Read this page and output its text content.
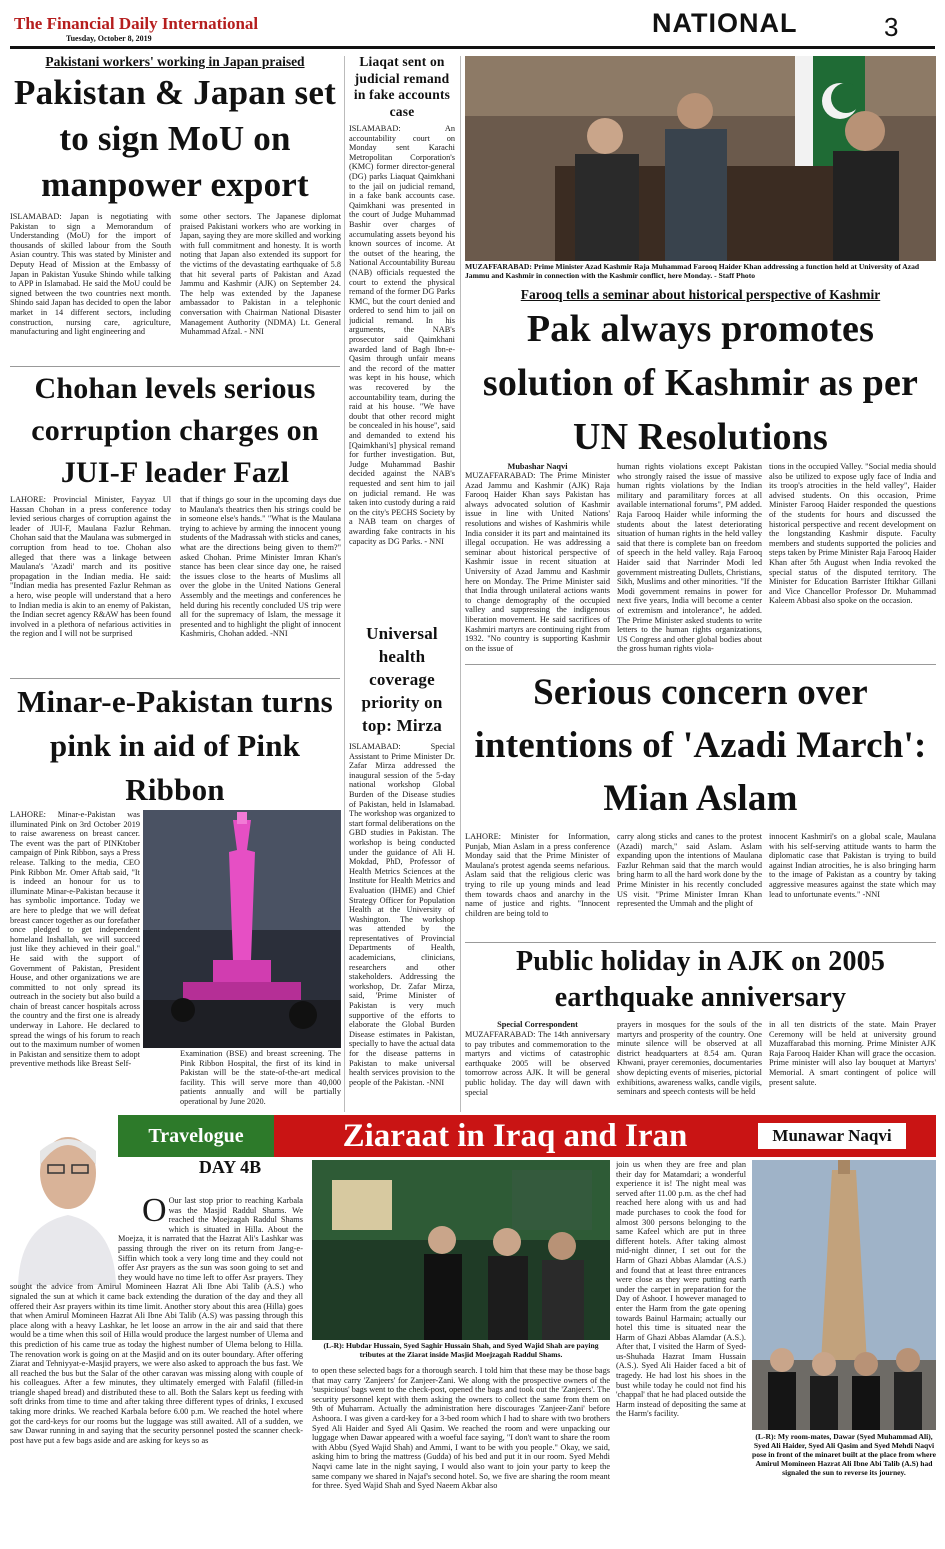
The Financial Daily International
Tuesday, October 8, 2019
NATIONAL	3
Pakistani workers' working in Japan praised
Pakistan & Japan set to sign MoU on manpower export
ISLAMABAD: Japan is negotiating with Pakistan to sign a Memorandum of Understanding (MoU) for the import of thousands of skilled labour from the South Asian country. This was stated by Minister and Deputy Head of Mission at the Embassy of Japan in Pakistan Yusuke Shindo while talking to APP in Islamabad. He said the MoU could be signed between the two countries next month. Shindo said Japan has decided to open the labor market in 14 different sectors, including construction, nursing care, agriculture, manufacturing and light engineering and
some other sectors. The Japanese diplomat praised Pakistani workers who are working in Japan, saying they are more skilled and working with full commitment and honesty. It is worth noting that Japan also extended its support for the victims of the devastating earthquake of 5.8 that hit several parts of Pakistan and Azad Jammu and Kashmir (AJK) on September 24. The help was extended by the Japanese ambassador to Pakistan in a telephonic conversation with Chairman National Disaster Management Authority (NDMA) Lt. General Muhammad Afzal. - NNI
Liaqat sent on judicial remand in fake accounts case
ISLAMABAD: An accountability court on Monday sent Karachi Metropolitan Corporation's (KMC) former director-general (DG) parks Liaquat Qaimkhani to the jail on judicial remand, in a fake bank accounts case. Qaimkhani was presented in the court of Judge Muhammad Bashir over charges of accumulating assets beyond his known sources of income. At the outset of the hearing, the National Accountability Bureau (NAB) officials requested the court to extend the physical remand of the former DG Parks KMC, but the court denied and ordered to send him to jail on judicial remand. In his arguments, the NAB's prosecutor said Qaimkhani awarded land of Bagh Ibn-e-Qasim through unfair means and the record of the matter was kept in his house, which was recovered by the accountability team, during the raid at his house. "We have doubt that other record might be concealed in his house", said and demanded to extend his [Qaimkhani's] physical remand for further investigation. But, Judge Muhammad Bashir decided against the NAB's requested and sent him to jail on judicial remand. He was taken into custody during a raid on the city's PECHS Society by a NAB team on charges of awarding fake contracts in his capacity as DG Parks. - NNI
MUZAFFARABAD: Prime Minister Azad Kashmir Raja Muhammad Farooq Haider Khan addressing a function held at University of Azad Jammu and Kashmir in connection with the Kashmir conflict, here Monday. - Staff Photo
Farooq tells a seminar about historical perspective of Kashmir
Pak always promotes solution of Kashmir as per UN Resolutions
Mubashar Naqvi
MUZAFFARABAD: The Prime Minister Azad Jammu and Kashmir (AJK) Raja Farooq Haider Khan says Pakistan has always advocated solution of Kashmir issue in line with United Nations' resolutions and wishes of Kashmiris while India consider it its part and maintained its illegal occupation. He was addressing a seminar about historical perspective of Kashmir issue in recent situation at University of Azad Jammu and Kashmir here on Monday. The Prime Minister said that India through unilateral actions wants to change demography of the occupied valley and suppressing the indigenous liberation movement. He said sacrifices of Kashmiri martyrs are continuing right from 1932. "No country is supporting Kashmir on the issue of
human rights violations except Pakistan who strongly raised the issue of massive human rights violations by the Indian military and paramilitary forces at all available international forums", PM added. Raja Farooq Haider while informing the students about the latest deteriorating situation of human rights in the held valley said that there is complete ban on freedom of speech in the held valley. Raja Farooq Haider said that Narrinder Modi led government mistreating Dullets, Christians, Sikh, Muslims and other minorities. "If the Modi government remains in power for next five years, India will become a center of extremism and intolerance", he added. The Prime Minister asked students to write letters to the human rights organizations, US Congress and other global bodies about the gross human rights viola-
tions in the occupied Valley. "Social media should also be utilized to expose ugly face of India and its troop's atrocities in the held valley", Haider advised students. On this occasion, Prime Minister Farooq Haider responded the questions of the students for hours and discussed the historical perspective and recent development on the longstanding Kashmir dispute. Faculty members and students supported the policies and steps taken by Prime Minister Raja Farooq Haider Khan after 5th August when India revoked the special status of the disputed territory. The Minister for Education Barrister Iftikhar Gillani and Vice Chancellor Professor Dr. Muhammad Kaleem Abbasi also spoke on the occasion.
Chohan levels serious corruption charges on JUI-F leader Fazl
LAHORE: Provincial Minister, Fayyaz Ul Hassan Chohan in a press conference today levied serious charges of corruption against the leader of JUI-F, Maulana Fazlur Rehman. Chohan said that the Maulana was submerged in corruption from head to toe. Chohan also alleged that there was a linkage between Maulana's 'Azadi' march and its positive propagation in the Indian media. He said: "Indian media has presented Fazlur Rehman as a hero, wise people will understand that a hero to Indian media is akin to an enemy of Pakistan, the Indian secret agency R&AW has been found involved in a plethora of nefarious activities in the region and I will not be surprised
that if things go sour in the upcoming days due to Maulana's theatrics then his strings could be in someone else's hands." "What is the Maulana trying to achieve by arming the innocent young students of the Madrassah with sticks and canes, what are the directions being given to them?" asked Chohan. Prime Minister Imran Khan's stance has been clear since day one, he raised the issues close to the hearts of Muslims all over the globe in the United Nations General Assembly and the meetings and conferences he held during his recently concluded US trip were all for the supremacy of Islam, the message it presented and to highlight the plight of innocent Kashmiris, Chohan added. -NNI	Universal health coverage priority on top: Mirza
ISLAMABAD: Special Assistant to Prime Minister Dr. Zafar Mirza addressed the inaugural session of the 5-day national workshop Global Burden of the Disease studies of Pakistan, held in Islamabad. The workshop was organized to start formal deliberations on the GBD studies in Pakistan. The workshop is being conducted under the guidance of Ali H. Mokdad, PhD, Professor of Health Metrics Sciences at the Institute for Health Metrics and Evaluation (IHME) and Chief Strategy Officer for Population Health at the University of Washington. The workshop was attended by the representatives of Provincial Departments of Health, academicians, clinicians, researchers and other stakeholders. Addressing the workshop, Dr. Zafar Mirza, said, 'Prime Minister of Pakistan is very much supportive of the efforts to elaborate the Global Burden Disease estimates in Pakistan, specially to have the actual data for the disease patterns in Pakistan to make universal health services provision to the people of the Pakistan. -NNI
Minar-e-Pakistan turns pink in aid of Pink Ribbon
LAHORE: Minar-e-Pakistan was illuminated Pink on 3rd October 2019 to raise awareness on breast cancer. The event was the part of PINKtober campaign of Pink Ribbon, says a Press release. Talking to the media, CEO Pink Ribbon Mr. Omer Aftab said, "It is indeed an honour for us to illuminate Minar-e-Pakistan because it has symbolic importance. Today we are here to pledge that we will defeat breast cancer together as our forefather once pledged to get independent homeland Inshallah, we will succeed just like they achieved in their goal." He said with the support of Government of Pakistan, President House, and other organizations we are committed to not only spread its outreach in the society but also build a chain of breast cancer hospitals across the country and the first one is already underway in Lahore. He declared to spread the wings of his forum to reach out to the maximum number of women in Pakistan and sensitize them to adopt preventive methods like Breast Self-
Examination (BSE) and breast screening. The Pink Ribbon Hospital, the first of its kind in Pakistan will be the state-of-the-art medical facility. This will serve more than 40,000 patients annually and will be partially operational by June 2020.
Serious concern over intentions of 'Azadi March': Mian Aslam
LAHORE: Minister for Information, Punjab, Mian Aslam in a press conference Monday said that the Prime Minister of Maulana's protest agenda seems nefarious. Aslam said that the religious cleric was trying to rile up young minds and lead them towards chaos and anarchy in the name of justice and rights. "Innocent children are being told to
carry along sticks and canes to the protest (Azadi) march," said Aslam. Aslam expanding upon the intentions of Maulana Fazlur Rehman said that the march would bring harm to all the hard work done by the Prime Minister in his recently concluded US visit. "Prime Minister Imran Khan represented the Ummah and the plight of
innocent Kashmiri's on a global scale, Maulana with his self-serving attitude wants to harm the diplomatic case that Pakistan is trying to build against Indian atrocities, he is also bringing harm to the image of Pakistan as a country by taking aggressive measures against the state which may lead to unfortunate events." -NNI
Public holiday in AJK on 2005 earthquake anniversary
Special Correspondent
MUZAFFARABAD: The 14th anniversary to pay tributes and commemoration to the martyrs and victims of catastrophic earthquake 2005 will be observed tomorrow across AJK. It will be general public holiday. The day will dawn with special
prayers in mosques for the souls of the martyrs and prosperity of the country. One minute silence will be observed at all district headquarters at 8.54 am. Quran Khwani, prayer ceremonies, documentaries show depicting events of miseries, pictorial exhibitions, awareness walks, candle vigils, seminars and speech contests will be held
in all ten districts of the state. Main Prayer Ceremony will be held at university ground Muzaffarabad this morning. Prime Minister AJK Raja Farooq Haider Khan will grace the occasion. Prime minister will also lay bouquet at Martyrs' Memorial. A smart contingent of police will present salute.
Travelogue	Ziaraat in Iraq and Iran	Munawar Naqvi
DAY 4B
O Our last stop prior to reaching Karbala was the Masjid Raddul Shams. We reached the Moejzagah Raddul Shams which is situated in Hilla. About the Moejza, it is narrated that the Hazrat Ali's Lashkar was passing through the river on its return from Jang-e-Siffin which took a very long time and they could not offer Asr prayers as the sun was soon going to set and they would have no time left to offer Asr prayers. They sought the advice from Amirul Momineen Hazrat Ali Ibne Abi Talib (A.S.) who signaled the sun at which it came back extending the duration of the day and they all offered their Asr prayers within its time limit. Another story about this area (Hilla) goes that when Amirul Momineen Hazrat Ali Ibne Abi Talib (A.S) was passing through this place along with a heavy Lashkar, he let loose an arrow in the air and said that there would be a time when this soil of Hilla would produce the largest number of Ulema and this prediction of his came true as today the highest number of Ulema belong to Hilla. The renovation work is going on at the Masjid and on its outer boundary. After offering Ziarat and Tehniyyat-e-Masjid prayers, we were also asked to approach the bus fast. We all reached the bus but the Salar of the other caravan was missing along with couple of his colleagues. After a few minutes, they ultimately emerged with Falafil (filled-in triangle shaped bread) and distributed these to all. Both the Salars kept us feeding with soft drinks from time to time and after taking three different types of drinks, I excused taking more drinks. We reached Karbala before 6.00 p.m. We reached the hotel where got the card-keys for our rooms but the luggage was still awaited. All of a sudden, we saw Dawar running in and saying that the security personnel posted the scanner check-post have put a few bags aside and are asking for keys so as
(L-R): Hubdar Hussain, Syed Saghir Hussain Shah, and Syed Wajid Shah are paying tributes at the Ziarat inside Masjid Moejzagah Raddul Shams.
to open these selected bags for a thorough search. I told him that these may be those bags that may carry 'Zanjeers' for Zanjeer-Zani. We along with the prospective owners of the 'suspicious' bags went to the check-post, opened the bags and took out the 'Zanjeers'. The security personnel kept with them asking the owners to collect the same from them on 9th of Muharram. Actually the administration here discourages 'Zanjeer-Zani' before Ashoora. I was given a card-key for a 3-bed room which I had to share with two brothers Syed Ali Haider and Syed Ali Qasim. We reached the room and were unpacking our luggage when Dawar appeared with a woeful face saying, "I don't want to share the room with Abbu (Syed Wajid Shah) and Ammi, I want to be with you people." Okay, we said, asking him to bring the mattress (Gudda) of his bed and put it in our room. Syed Mehdi Naqvi came late in the night saying, I would also want to join your party to keep the same company we shared in Najaf's second hotel. So, we five are sharing the room meant for three. Syed Wajid Shah and Syed Naeem Akbar also
join us when they are free and plan their day for Matamdari; a wonderful experience it is! The night meal was served after 11.00 p.m. as the chef had reached here along with us and had made purchases to cook the food for almost 300 persons belonging to the same Kafeel which are put in three different hotels. After taking almost mid-night dinner, I set out for the Harm of Ghazi Abbas Alamdar (A.S.) and found that at least three entrances were close as they were putting earth under the carpet in preparation for the Day of Ashoor. I however managed to enter the Harm from the gate opening towards Bainul Harmain; actually our hotel this time is situated near the Harm of Ghazi Abbas Alamdar (A.S.). After that, I visited the Harm of Syed-us-Shuhada Hazrat Imam Hussain (A.S.). Syed Ali Haider faced a bit of tragedy. He had lost his shoes in the bust while today he could not find his 'chappal' that he had placed outside the Harm instead of depositing the same at the Harm's facility.
(L-R): My room-mates, Dawar (Syed Muhammad Ali), Syed Ali Haider, Syed Ali Qasim and Syed Mehdi Naqvi pose in front of the minaret built at the place from where Amirul Momineen Hazrat Ali Ibne Abi Talib (A.S) had signaled the sun to reverse its journey.
